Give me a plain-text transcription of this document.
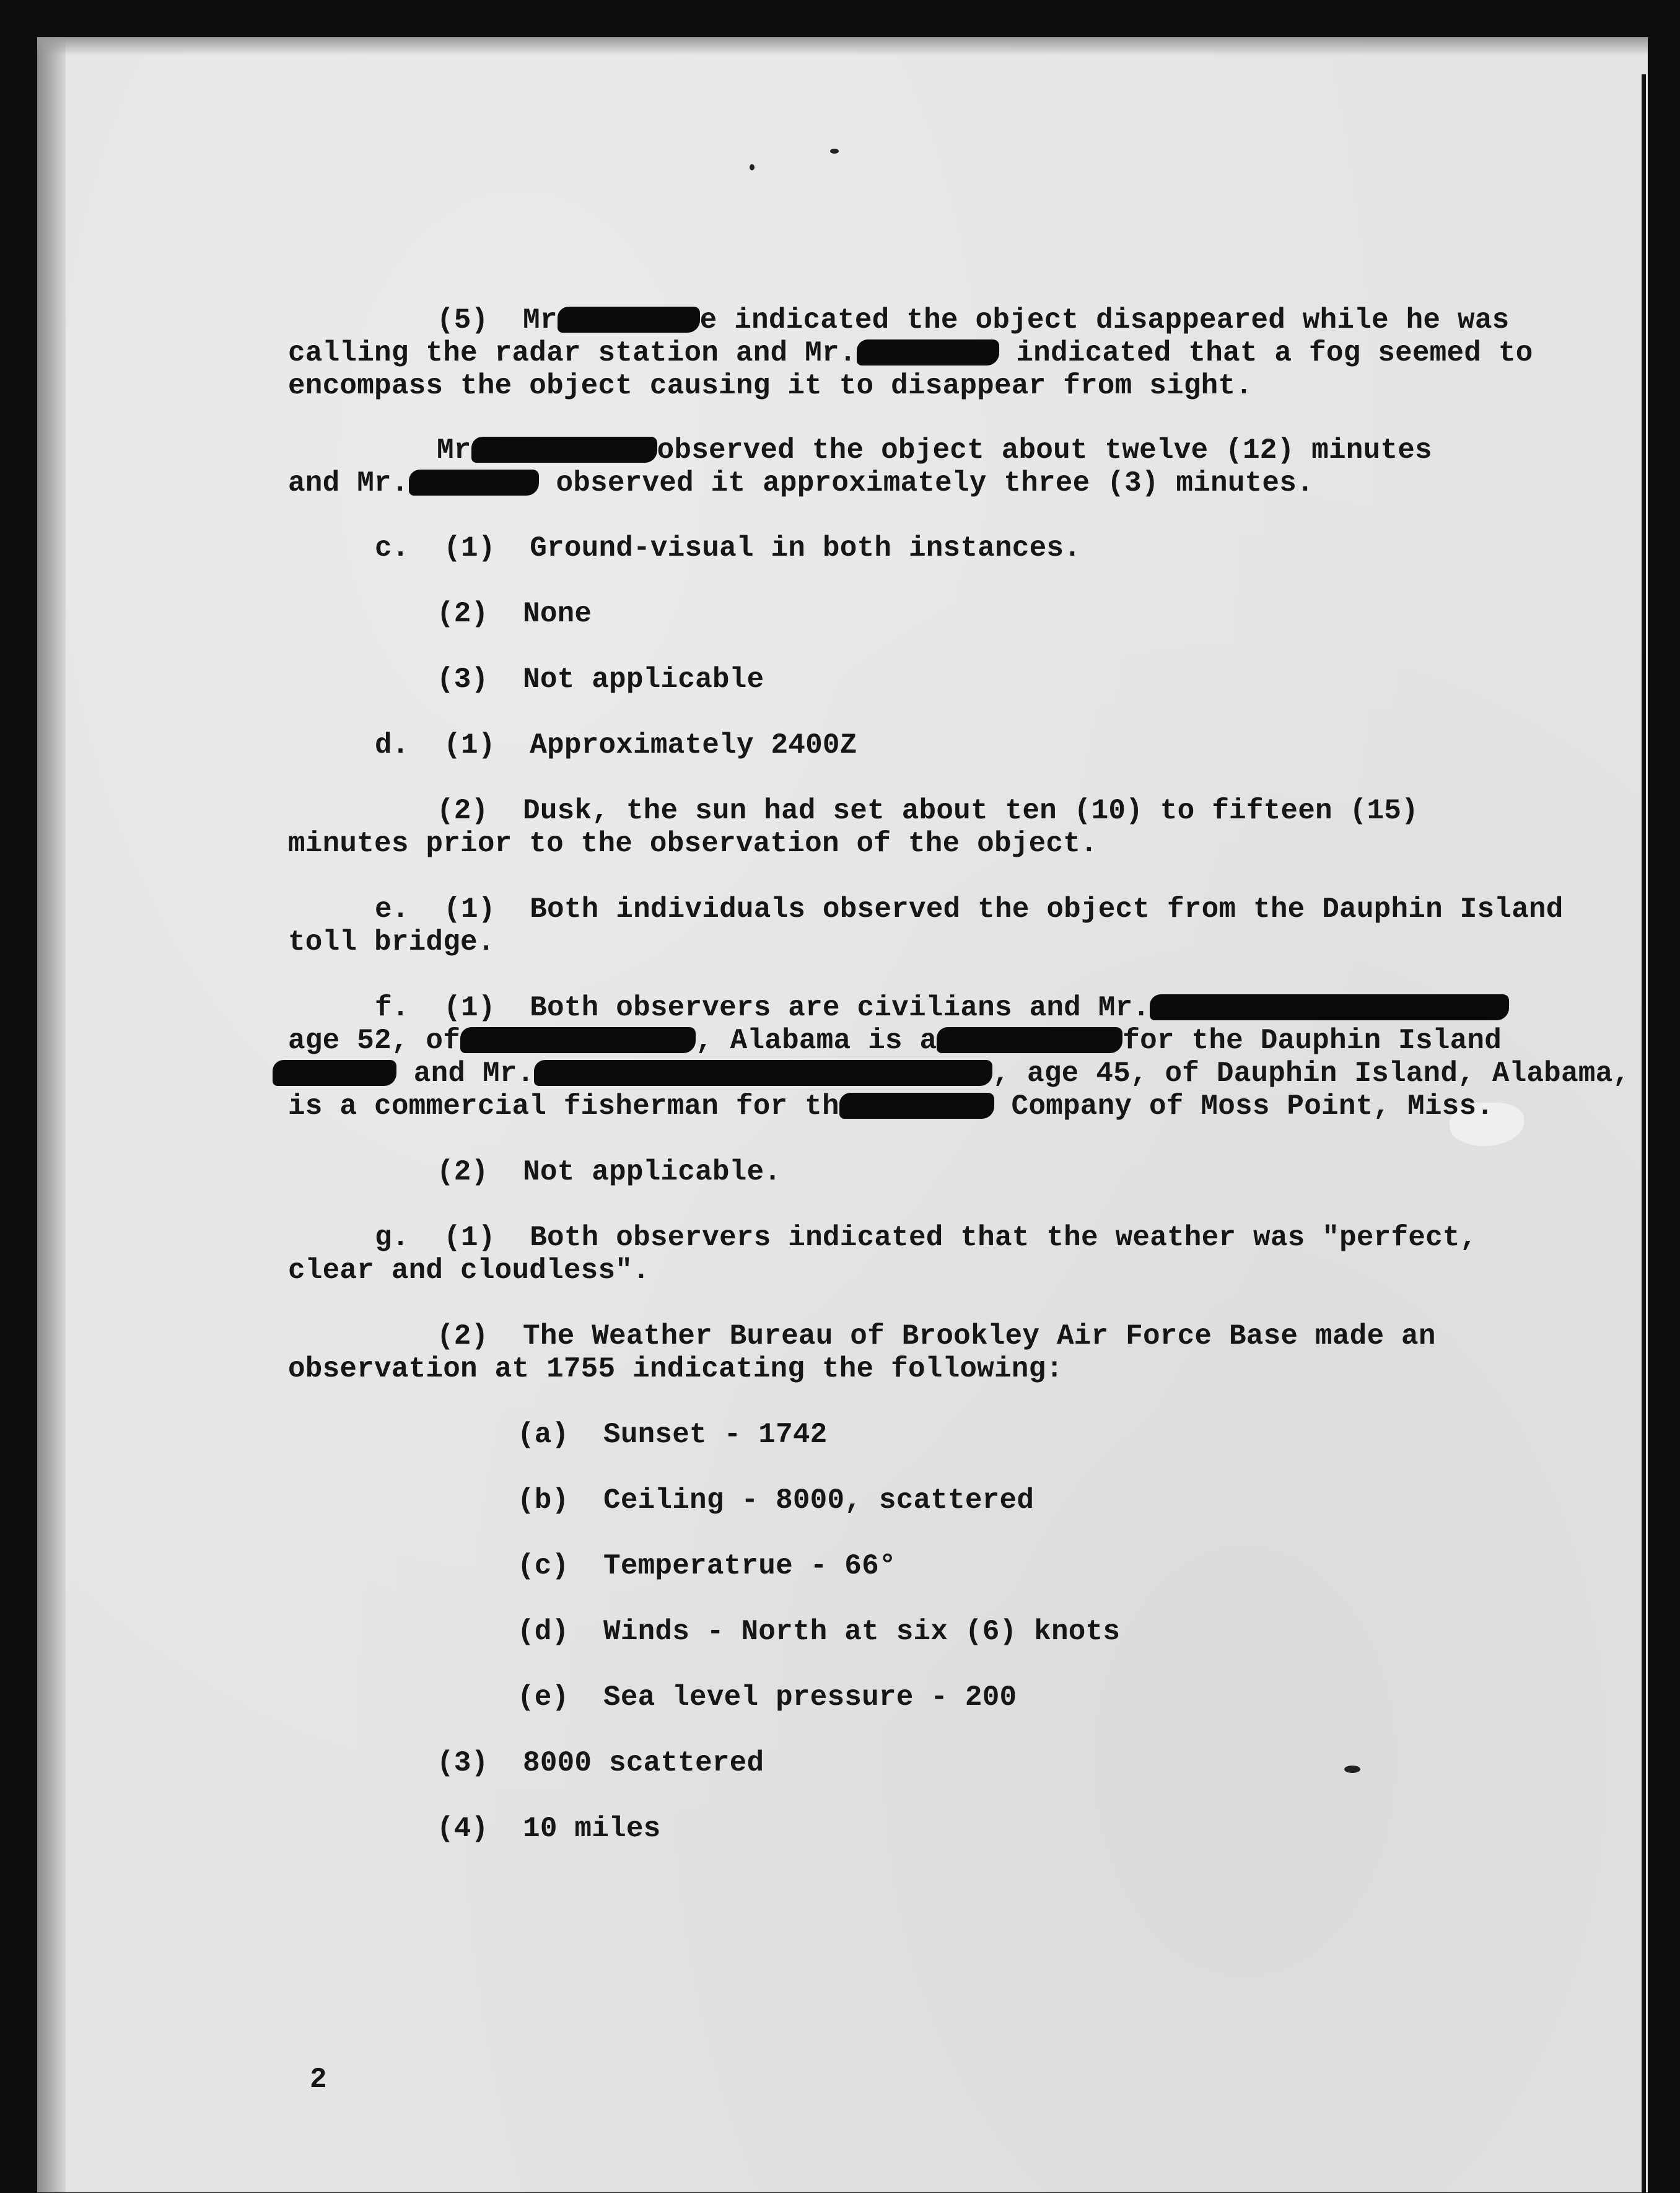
(5) Mr	e indicated the object disappeared while he was
calling the radar station and Mr.	indicated that a fog seemed to
encompass the object causing it to disappear from sight.
Mr	observed the object about twelve (12) minutes
and Mr.	observed it approximately three (3) minutes.
c.  (1)  Ground-visual in both instances.
(2)  None
(3)  Not applicable
d.  (1)  Approximately 2400Z
(2)  Dusk, the sun had set about ten (10) to fifteen (15)
minutes prior to the observation of the object.
e.  (1)  Both individuals observed the object from the Dauphin Island
toll bridge.
f.  (1)  Both observers are civilians and Mr.
age 52, of	, Alabama is a	for the Dauphin Island
and Mr.	, age 45, of Dauphin Island, Alabama,
is a commercial fisherman for th	Company of Moss Point, Miss.
(2)  Not applicable.
g.  (1)  Both observers indicated that the weather was "perfect,
clear and cloudless".
(2)  The Weather Bureau of Brookley Air Force Base made an
observation at 1755 indicating the following:
(a)  Sunset - 1742
(b)  Ceiling - 8000, scattered
(c)  Temperatrue - 66°
(d)  Winds - North at six (6) knots
(e)  Sea level pressure - 200
(3)  8000 scattered
(4)  10 miles
2
